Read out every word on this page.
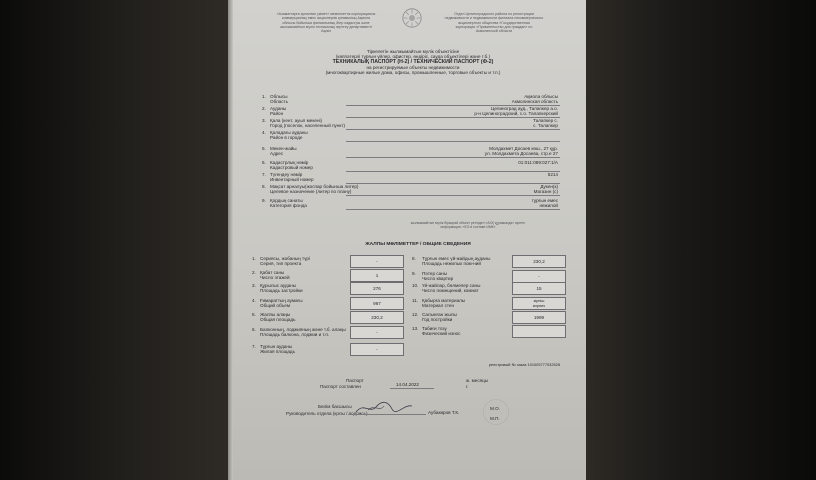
«Азаматтарға арналған үкімет» мемлекеттік корпорациясы
коммерциялық емес акционерлік қоғамының Ақмола
облысы бойынша филиалының Жер кадастры және
жылжымайтын мүлік техникалық зерттеу департаменті
Ақкөл
Отдел Целиноградского района по регистрации
недвижимости и недвижимости филиала некоммерческого
акционерного общества «Государственная
корпорация «Правительство для граждан» по
Акмолинской области
Тіркелетін жылжымайтын мүлік объектісіне
(көппәтерлі тұрғын үйлер, офистер, өндіріс, сауда объектілері және т.б.)
ТЕХНИКАЛЫҚ ПАСПОРТ (Н-2) / ТЕХНИЧЕСКИЙ ПАСПОРТ (Ф-2)
на регистрируемые объекты недвижимости
(многоквартирные жилые дома, офисы, промышленные, торговые объекты и т.п.)
жылжымайтын мүлік бірыңғай объект ретіндегі «АХҚ құрамында» кіретін
информация: «ЕО в составе ИМК»
ЖАЛПЫ МӘЛІМЕТТЕР / ОБЩИЕ СВЕДЕНИЯ
реестровый № заказ 101005777032528
Паспорт
Паспорт составлен	14.04.2022
ж. месяцы
г.
Бөлім басшысы
Руководитель отдела (қолы / подпись)	Аубакиров Т.К.
М.О.
М.П.
1. Облысы
Область
Ақмола облысы
Акмолинская область
2. Ауданы
Район
Целиноград ауд., Талапкер а.о.
р-н Целиноградский, с.о. Талапкерский
3. Қала (кент, ауыл мекені)
Город (поселок, населенный пункт)
Талапкер с.
с. Талапкер
4. Қаладағы ауданы
Район в городе
5. Мекен-жайы
Адрес
Молдахмет Досаев көш., 27 құр.
ул. Молдахмета Досаева, стр.е 27
6. Кадастрлық нөмір
Кадастровый номер
01:011:089:027:1/А
7. Түгендеу нөмір
Инвентарный номер
5214
8. Мақсат арналуы(жоспар бойынша литер)
Целевое назначение (литер по плану)
Дүкен(к)
Магазин (с)
9. Қордың санаты
Категория фонда
тұрғын емес
нежилой
1. Сериясы, жобаның түрі
Серия, тип проекта	-
2. Қабат саны
Число этажей	1
3. Құрылыс ауданы
Площадь застройки	276
4. Ғимараттың аумағы
Общий объем	967
5. Жалпы алаңы
Общая площадь	230,2
6. Балконның, лоджияның және т.б. алаңы
Площадь балкона, лоджии и т.п.	-
7. Тұрғын ауданы
Жилая площадь	-
8. Тұрғын емес үй-жайдың ауданы
Площадь нежилых пом-ний	230,2
9. Пәтер саны
Число квартир	-
10. Үй-жайлар, бөлмелер саны
Число помещений, комнат	15
11. Қабырға материалы
Материал стен
кірпіш
кирпич
12. Салынған жылы
Год постройки	1999
13. Табиғи тозу
Физический износ
